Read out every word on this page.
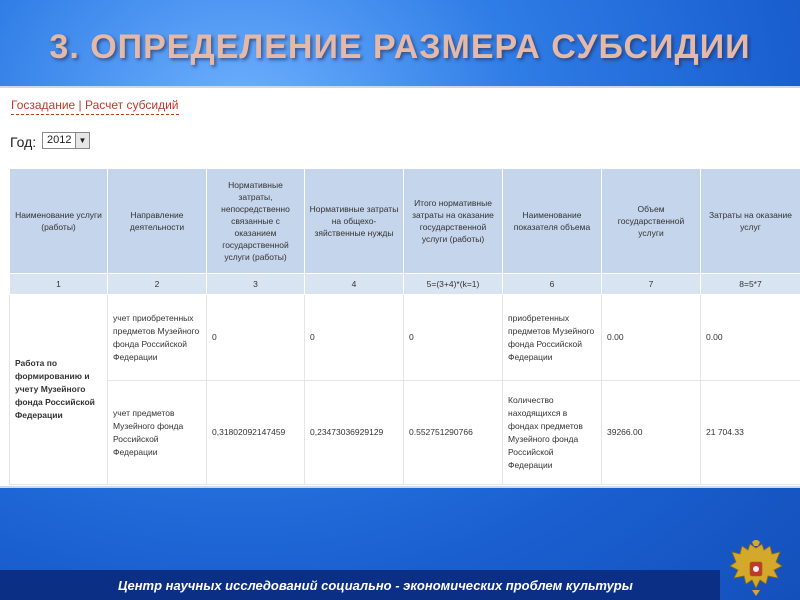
3. ОПРЕДЕЛЕНИЕ РАЗМЕРА СУБСИДИИ
Госзадание | Расчет субсидий
Год: 2012 ▼
Наименование услуги (работы)	Направление деятельности	Нормативные затраты, непосредственно связанные с оказанием государственной услуги (работы)	Нормативные затраты на общехо-зяйственные нужды	Итого нормативные затраты на оказание государственной услуги (работы)	Наименование показателя объема	Объем государственной услуги	Затраты на оказание услуг
1	2	3	4	5=(3+4)*(k=1)	6	7	8=5*7
Работа по формированию и учету Музейного фонда Российской Федерации	учет приобретенных предметов Музейного фонда Российской Федерации	0	0	0	приобретенных предметов Музейного фонда Российской Федерации	0.00	0.00
	учет предметов Музейного фонда Российской Федерации	0,31802092147459	0,23473036929129	0.552751290766	Количество находящихся в фондах предметов Музейного фонда Российской Федерации	39266.00	21 704.33
Центр научных исследований социально - экономических проблем культуры
